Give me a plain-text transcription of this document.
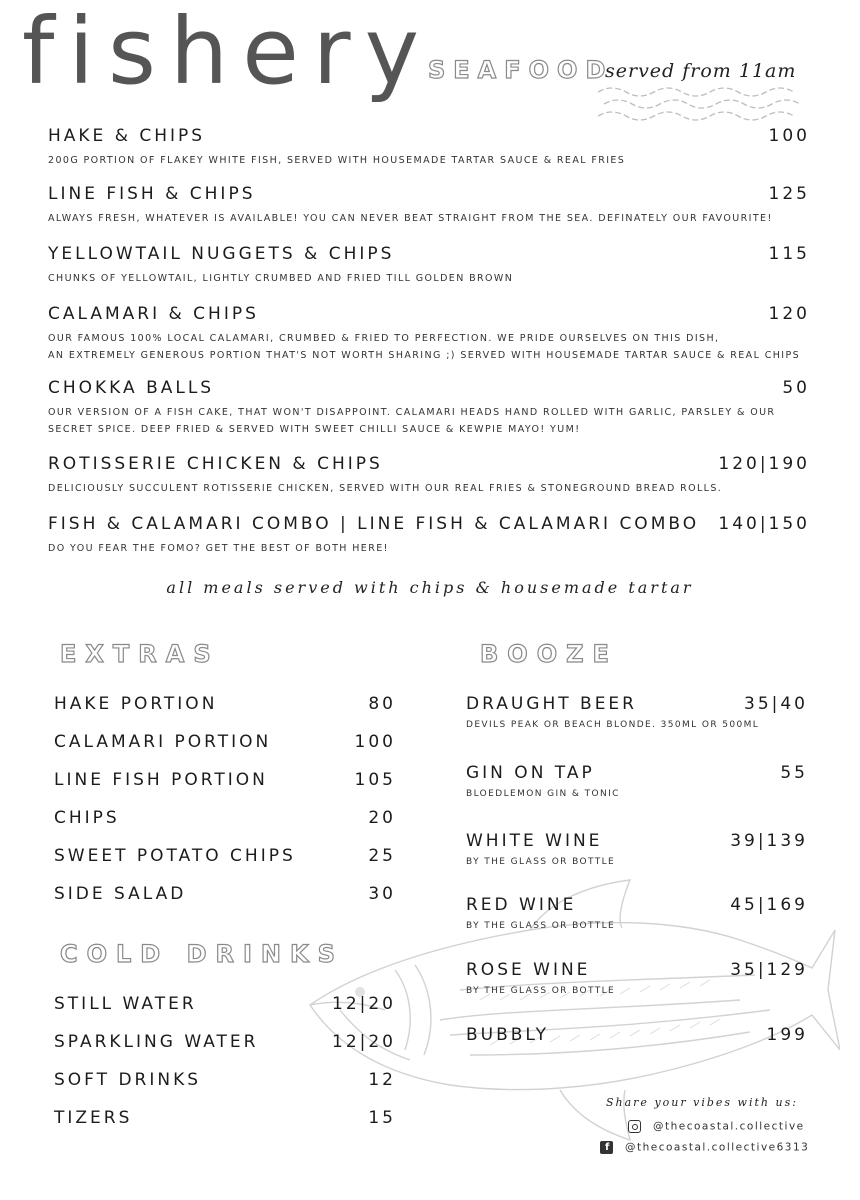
fishery
SEAFOOD
served from 11am
HAKE & CHIPS	100
200G PORTION OF FLAKEY WHITE FISH, SERVED WITH HOUSEMADE TARTAR SAUCE & REAL FRIES
LINE FISH & CHIPS	125
ALWAYS FRESH, WHATEVER IS AVAILABLE! YOU CAN NEVER BEAT STRAIGHT FROM THE SEA. DEFINATELY OUR FAVOURITE!
YELLOWTAIL NUGGETS & CHIPS	115
CHUNKS OF YELLOWTAIL, LIGHTLY CRUMBED AND FRIED TILL GOLDEN BROWN
CALAMARI & CHIPS	120
OUR FAMOUS 100% LOCAL CALAMARI, CRUMBED & FRIED TO PERFECTION. WE PRIDE OURSELVES ON THIS DISH,
AN EXTREMELY GENEROUS PORTION THAT'S NOT WORTH SHARING ;) SERVED WITH HOUSEMADE TARTAR SAUCE & REAL CHIPS
CHOKKA BALLS	50
OUR VERSION OF A FISH CAKE, THAT WON'T DISAPPOINT. CALAMARI HEADS HAND ROLLED WITH GARLIC, PARSLEY & OUR
SECRET SPICE. DEEP FRIED & SERVED WITH SWEET CHILLI SAUCE & KEWPIE MAYO! YUM!
ROTISSERIE CHICKEN & CHIPS	120|190
DELICIOUSLY SUCCULENT ROTISSERIE CHICKEN, SERVED WITH OUR REAL FRIES & STONEGROUND BREAD ROLLS.
FISH & CALAMARI COMBO | LINE FISH & CALAMARI COMBO	140|150
DO YOU FEAR THE FOMO? GET THE BEST OF BOTH HERE!
all meals served with chips & housemade tartar
EXTRAS
HAKE PORTION	80
CALAMARI PORTION	100
LINE FISH PORTION	105
CHIPS	20
SWEET POTATO CHIPS	25
SIDE SALAD	30
COLD DRINKS
STILL WATER	12|20
SPARKLING WATER	12|20
SOFT DRINKS	12
TIZERS	15
BOOZE
DRAUGHT BEER	35|40
DEVILS PEAK OR BEACH BLONDE. 350ML OR 500ML
GIN ON TAP	55
BLOEDLEMON GIN & TONIC
WHITE WINE	39|139
BY THE GLASS OR BOTTLE
RED WINE	45|169
BY THE GLASS OR BOTTLE
ROSE WINE	35|129
BY THE GLASS OR BOTTLE
BUBBLY	199
Share your vibes with us:
@thecoastal.collective
f @thecoastal.collective6313
